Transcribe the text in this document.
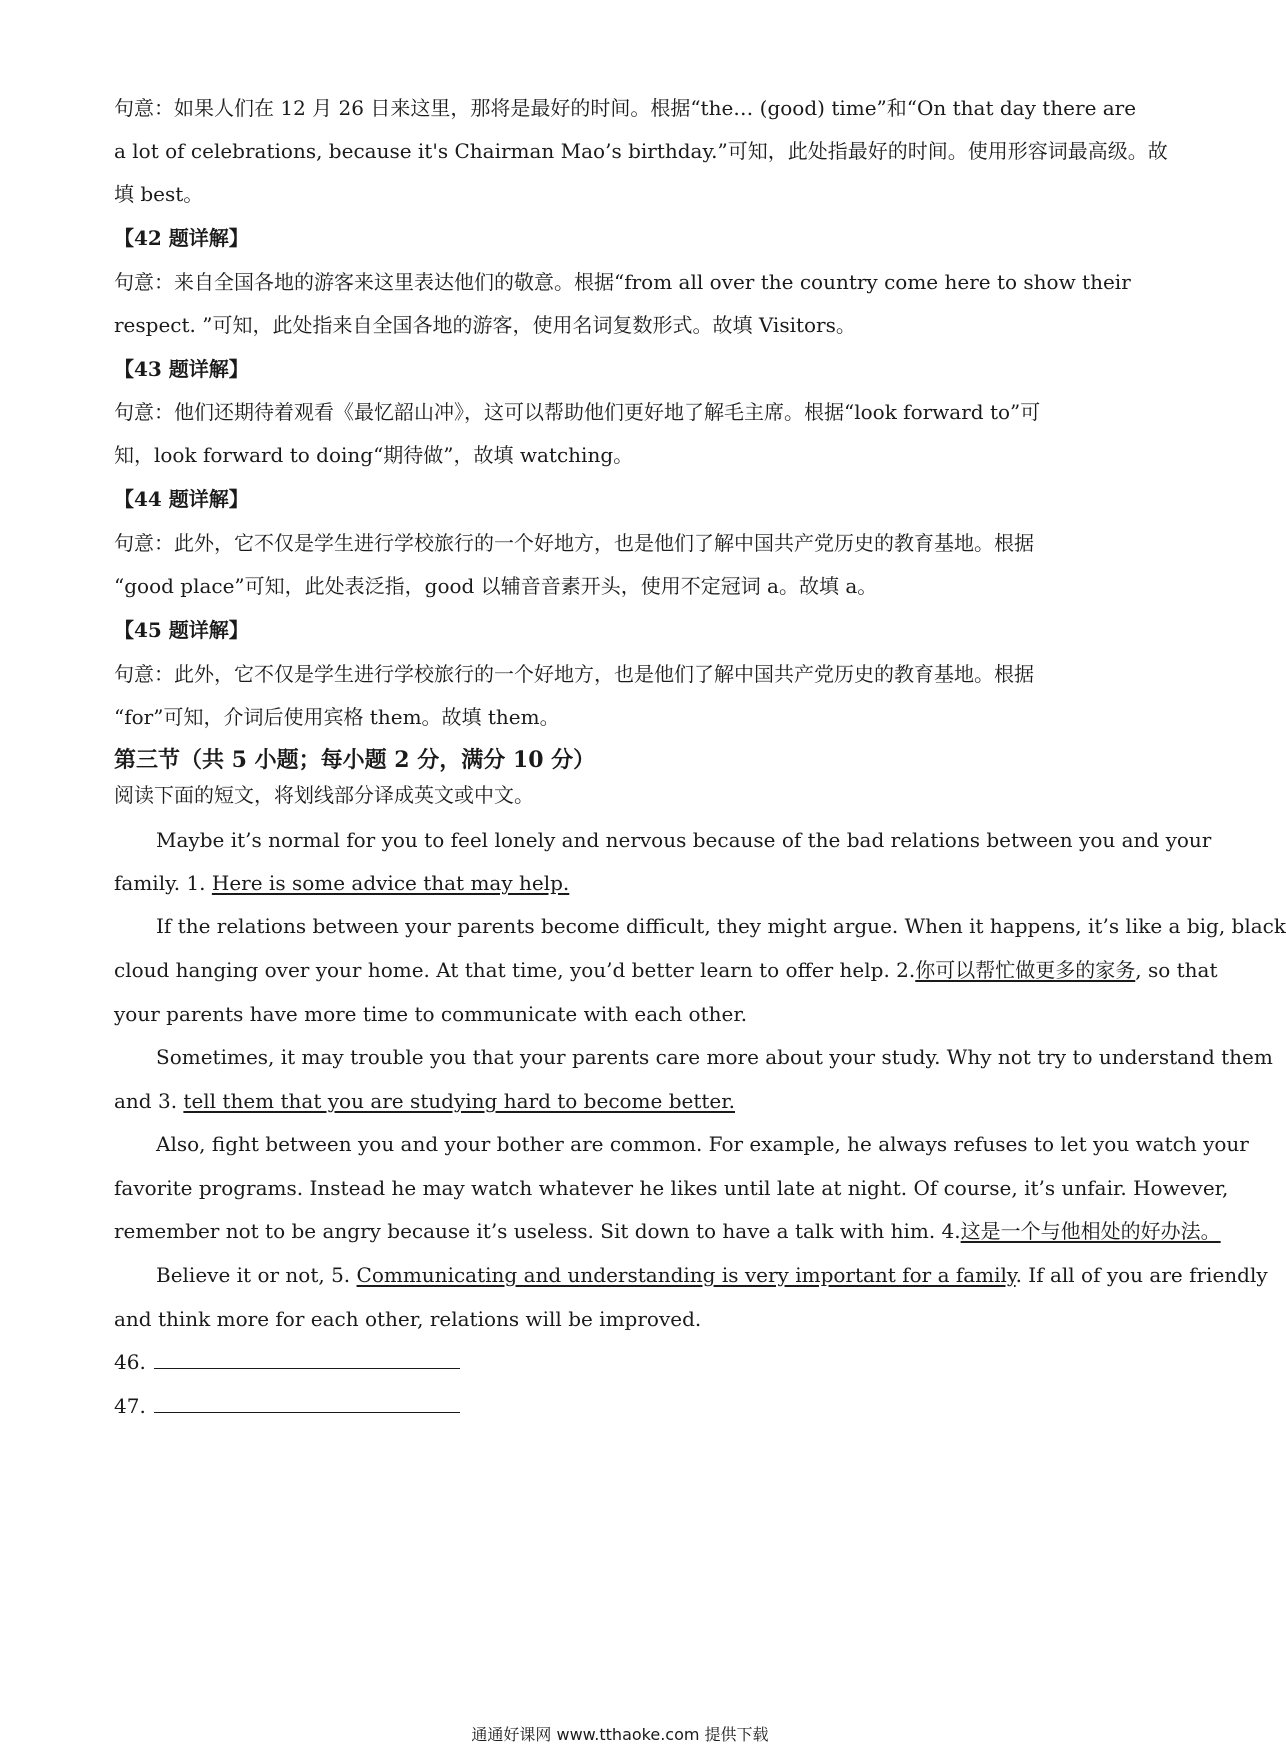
句意：如果人们在 12 月 26 日来这里，那将是最好的时间。根据“the… (good) time”和“On that day there are
a lot of celebrations, because it's Chairman Mao’s birthday.”可知，此处指最好的时间。使用形容词最高级。故
填 best。
【42 题详解】
句意：来自全国各地的游客来这里表达他们的敬意。根据“from all over the country come here to show their
respect. ”可知，此处指来自全国各地的游客，使用名词复数形式。故填 Visitors。
【43 题详解】
句意：他们还期待着观看《最忆韶山冲》，这可以帮助他们更好地了解毛主席。根据“look forward to”可
知，look forward to doing“期待做”，故填 watching。
【44 题详解】
句意：此外，它不仅是学生进行学校旅行的一个好地方，也是他们了解中国共产党历史的教育基地。根据
“good place”可知，此处表泛指，good 以辅音音素开头，使用不定冠词 a。故填 a。
【45 题详解】
句意：此外，它不仅是学生进行学校旅行的一个好地方，也是他们了解中国共产党历史的教育基地。根据
“for”可知，介词后使用宾格 them。故填 them。
第三节（共 5 小题；每小题 2 分，满分 10 分）
阅读下面的短文，将划线部分译成英文或中文。
Maybe it’s normal for you to feel lonely and nervous because of the bad relations between you and your
family. 1. Here is some advice that may help.
If the relations between your parents become difficult, they might argue. When it happens, it’s like a big, black
cloud hanging over your home. At that time, you’d better learn to offer help. 2.你可以帮忙做更多的家务, so that
your parents have more time to communicate with each other.
Sometimes, it may trouble you that your parents care more about your study. Why not try to understand them
and 3. tell them that you are studying hard to become better.
Also, fight between you and your bother are common. For example, he always refuses to let you watch your
favorite programs. Instead he may watch whatever he likes until late at night. Of course, it’s unfair. However,
remember not to be angry because it’s useless. Sit down to have a talk with him. 4.这是一个与他相处的好办法。
Believe it or not, 5. Communicating and understanding is very important for a family. If all of you are friendly
and think more for each other, relations will be improved.
46.
47.
通通好课网 www.tthaoke.com 提供下载
